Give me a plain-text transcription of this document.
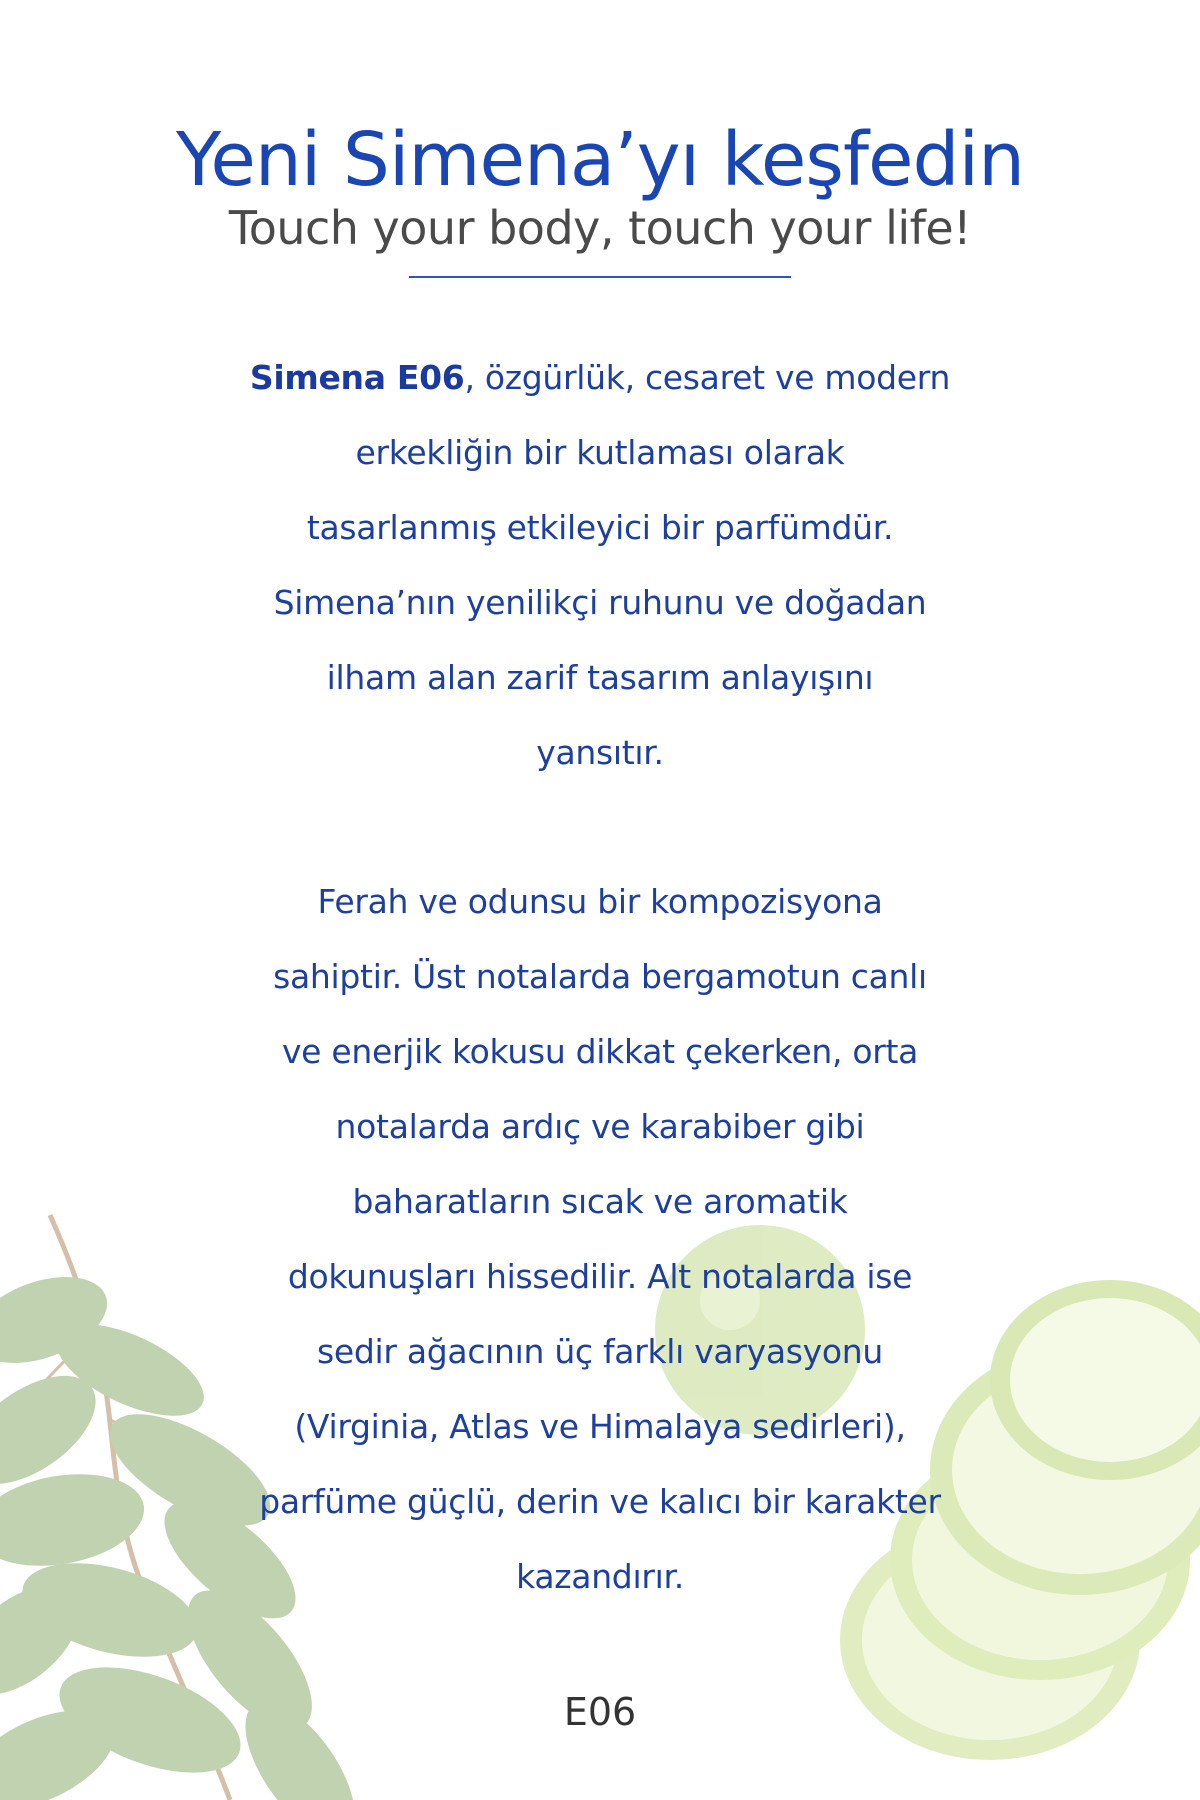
Yeni Simena’yı keşfedin

Touch your body, touch your life!

Simena E06, özgürlük, cesaret ve modern
erkekliğin bir kutlaması olarak
tasarlanmış etkileyici bir parfümdür.
Simena’nın yenilikçi ruhunu ve doğadan
ilham alan zarif tasarım anlayışını
yansıtır.
Ferah ve odunsu bir kompozisyona
sahiptir. Üst notalarda bergamotun canlı
ve enerjik kokusu dikkat çekerken, orta
notalarda ardıç ve karabiber gibi
baharatların sıcak ve aromatik
dokunuşları hissedilir. Alt notalarda ise
sedir ağacının üç farklı varyasyonu
(Virginia, Atlas ve Himalaya sedirleri),
parfüme güçlü, derin ve kalıcı bir karakter
kazandırır.
E06
